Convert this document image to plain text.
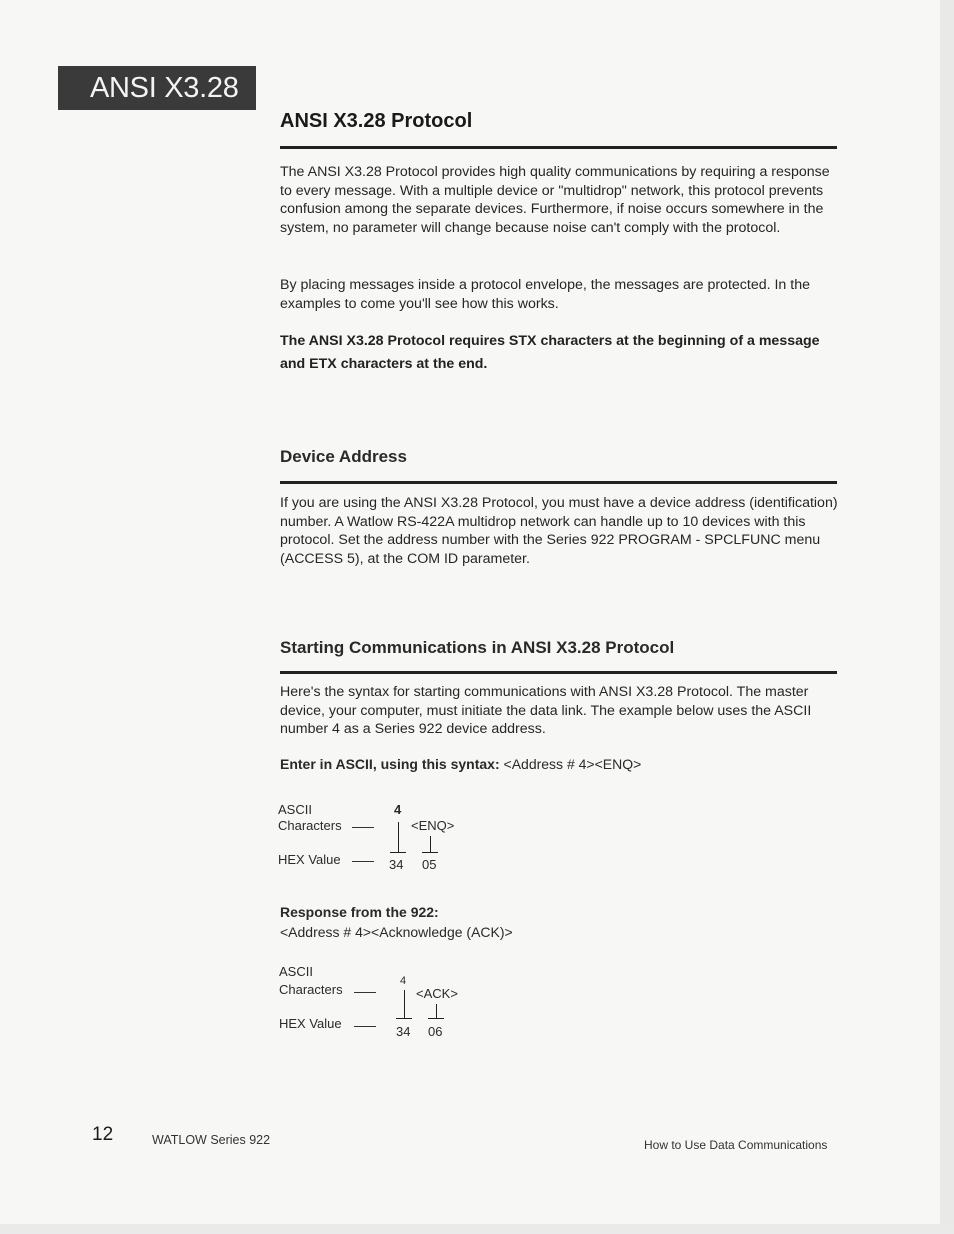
ANSI X3.28
ANSI X3.28 Protocol

The ANSI X3.28 Protocol provides high quality communications by requiring a response to every message. With a multiple device or "multidrop" network, this protocol prevents confusion among the separate devices. Furthermore, if noise occurs somewhere in the system, no parameter will change because noise can't comply with the protocol.

By placing messages inside a protocol envelope, the messages are protected. In the examples to come you'll see how this works.

The ANSI X3.28 Protocol requires STX characters at the beginning of a message and ETX characters at the end.

Device Address

If you are using the ANSI X3.28 Protocol, you must have a device address (identification) number. A Watlow RS-422A multidrop network can handle up to 10 devices with this protocol. Set the address number with the Series 922 PROGRAM - SPCLFUNC menu (ACCESS 5), at the COM ID parameter.

Starting Communications in ANSI X3.28 Protocol

Here's the syntax for starting communications with ANSI X3.28 Protocol. The master device, your computer, must initiate the data link. The example below uses the ASCII number 4 as a Series 922 device address.

Enter in ASCII, using this syntax: <Address # 4><ENQ>
ASCII
Characters
HEX Value
4
34
<ENQ>
05
Response from the 922:
<Address # 4><Acknowledge (ACK)>
ASCII
Characters
HEX Value
4
34
<ACK>
06
12	WATLOW Series 922	How to Use Data Communications
